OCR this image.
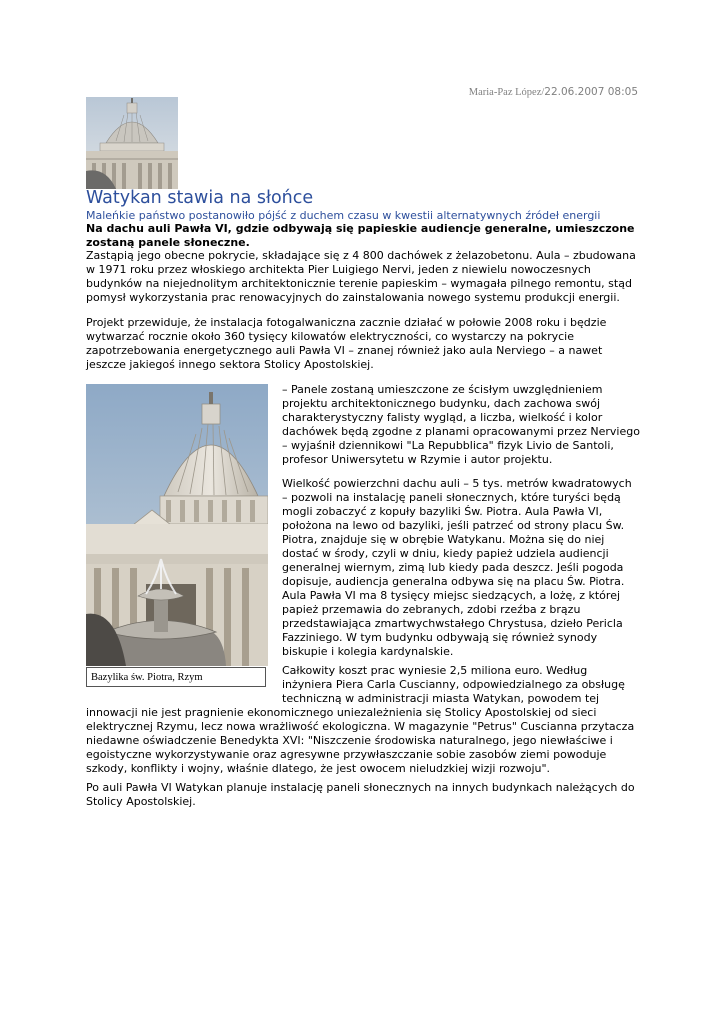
Maria-Paz López/22.06.2007 08:05
Watykan stawia na słońce
Maleńkie państwo postanowiło pójść z duchem czasu w kwestii alternatywnych źródeł energii
Na dachu auli Pawła VI, gdzie odbywają się papieskie audiencje generalne, umieszczone zostaną panele słoneczne.
Zastąpią jego obecne pokrycie, składające się z 4 800 dachówek z żelazobetonu. Aula – zbudowana w 1971 roku przez włoskiego architekta Pier Luigiego Nervi, jeden z niewielu nowoczesnych budynków na niejednolitym architektonicznie terenie papieskim – wymagała pilnego remontu, stąd pomysł wykorzystania prac renowacyjnych do zainstalowania nowego systemu produkcji energii.
Projekt przewiduje, że instalacja fotogalwaniczna zacznie działać w połowie 2008 roku i będzie wytwarzać rocznie około 360 tysięcy kilowatów elektryczności, co wystarczy na pokrycie zapotrzebowania energetycznego auli Pawła VI – znanej również jako aula Nerviego – a nawet jeszcze jakiegoś innego sektora Stolicy Apostolskiej.
Bazylika św. Piotra, Rzym
– Panele zostaną umieszczone ze ścisłym uwzględnieniem projektu architektonicznego budynku, dach zachowa swój charakterystyczny falisty wygląd, a liczba, wielkość i kolor dachówek będą zgodne z planami opracowanymi przez Nerviego – wyjaśnił dziennikowi "La Repubblica" fizyk Livio de Santoli, profesor Uniwersytetu w Rzymie i autor projektu.
Wielkość powierzchni dachu auli – 5 tys. metrów kwadratowych – pozwoli na instalację paneli słonecznych, które turyści będą mogli zobaczyć z kopuły bazyliki Św. Piotra. Aula Pawła VI, położona na lewo od bazyliki, jeśli patrzeć od strony placu Św. Piotra, znajduje się w obrębie Watykanu. Można się do niej dostać w środy, czyli w dniu, kiedy papież udziela audiencji generalnej wiernym, zimą lub kiedy pada deszcz. Jeśli pogoda dopisuje, audiencja generalna odbywa się na placu Św. Piotra. Aula Pawła VI ma 8 tysięcy miejsc siedzących, a lożę, z której papież przemawia do zebranych, zdobi rzeźba z brązu przedstawiająca zmartwychwstałego Chrystusa, dzieło Pericla Fazziniego. W tym budynku odbywają się również synody biskupie i kolegia kardynalskie.
Całkowity koszt prac wyniesie 2,5 miliona euro. Według inżyniera Piera Carla Cuscianny, odpowiedzialnego za obsługę techniczną w administracji miasta Watykan, powodem tej
innowacji nie jest pragnienie ekonomicznego uniezależnienia się Stolicy Apostolskiej od sieci elektrycznej Rzymu, lecz nowa wrażliwość ekologiczna. W magazynie "Petrus" Cuscianna przytacza niedawne oświadczenie Benedykta XVI: "Niszczenie środowiska naturalnego, jego niewłaściwe i egoistyczne wykorzystywanie oraz agresywne przywłaszczanie sobie zasobów ziemi powoduje szkody, konflikty i wojny, właśnie dlatego, że jest owocem nieludzkiej wizji rozwoju".
Po auli Pawła VI Watykan planuje instalację paneli słonecznych na innych budynkach należących do Stolicy Apostolskiej.
